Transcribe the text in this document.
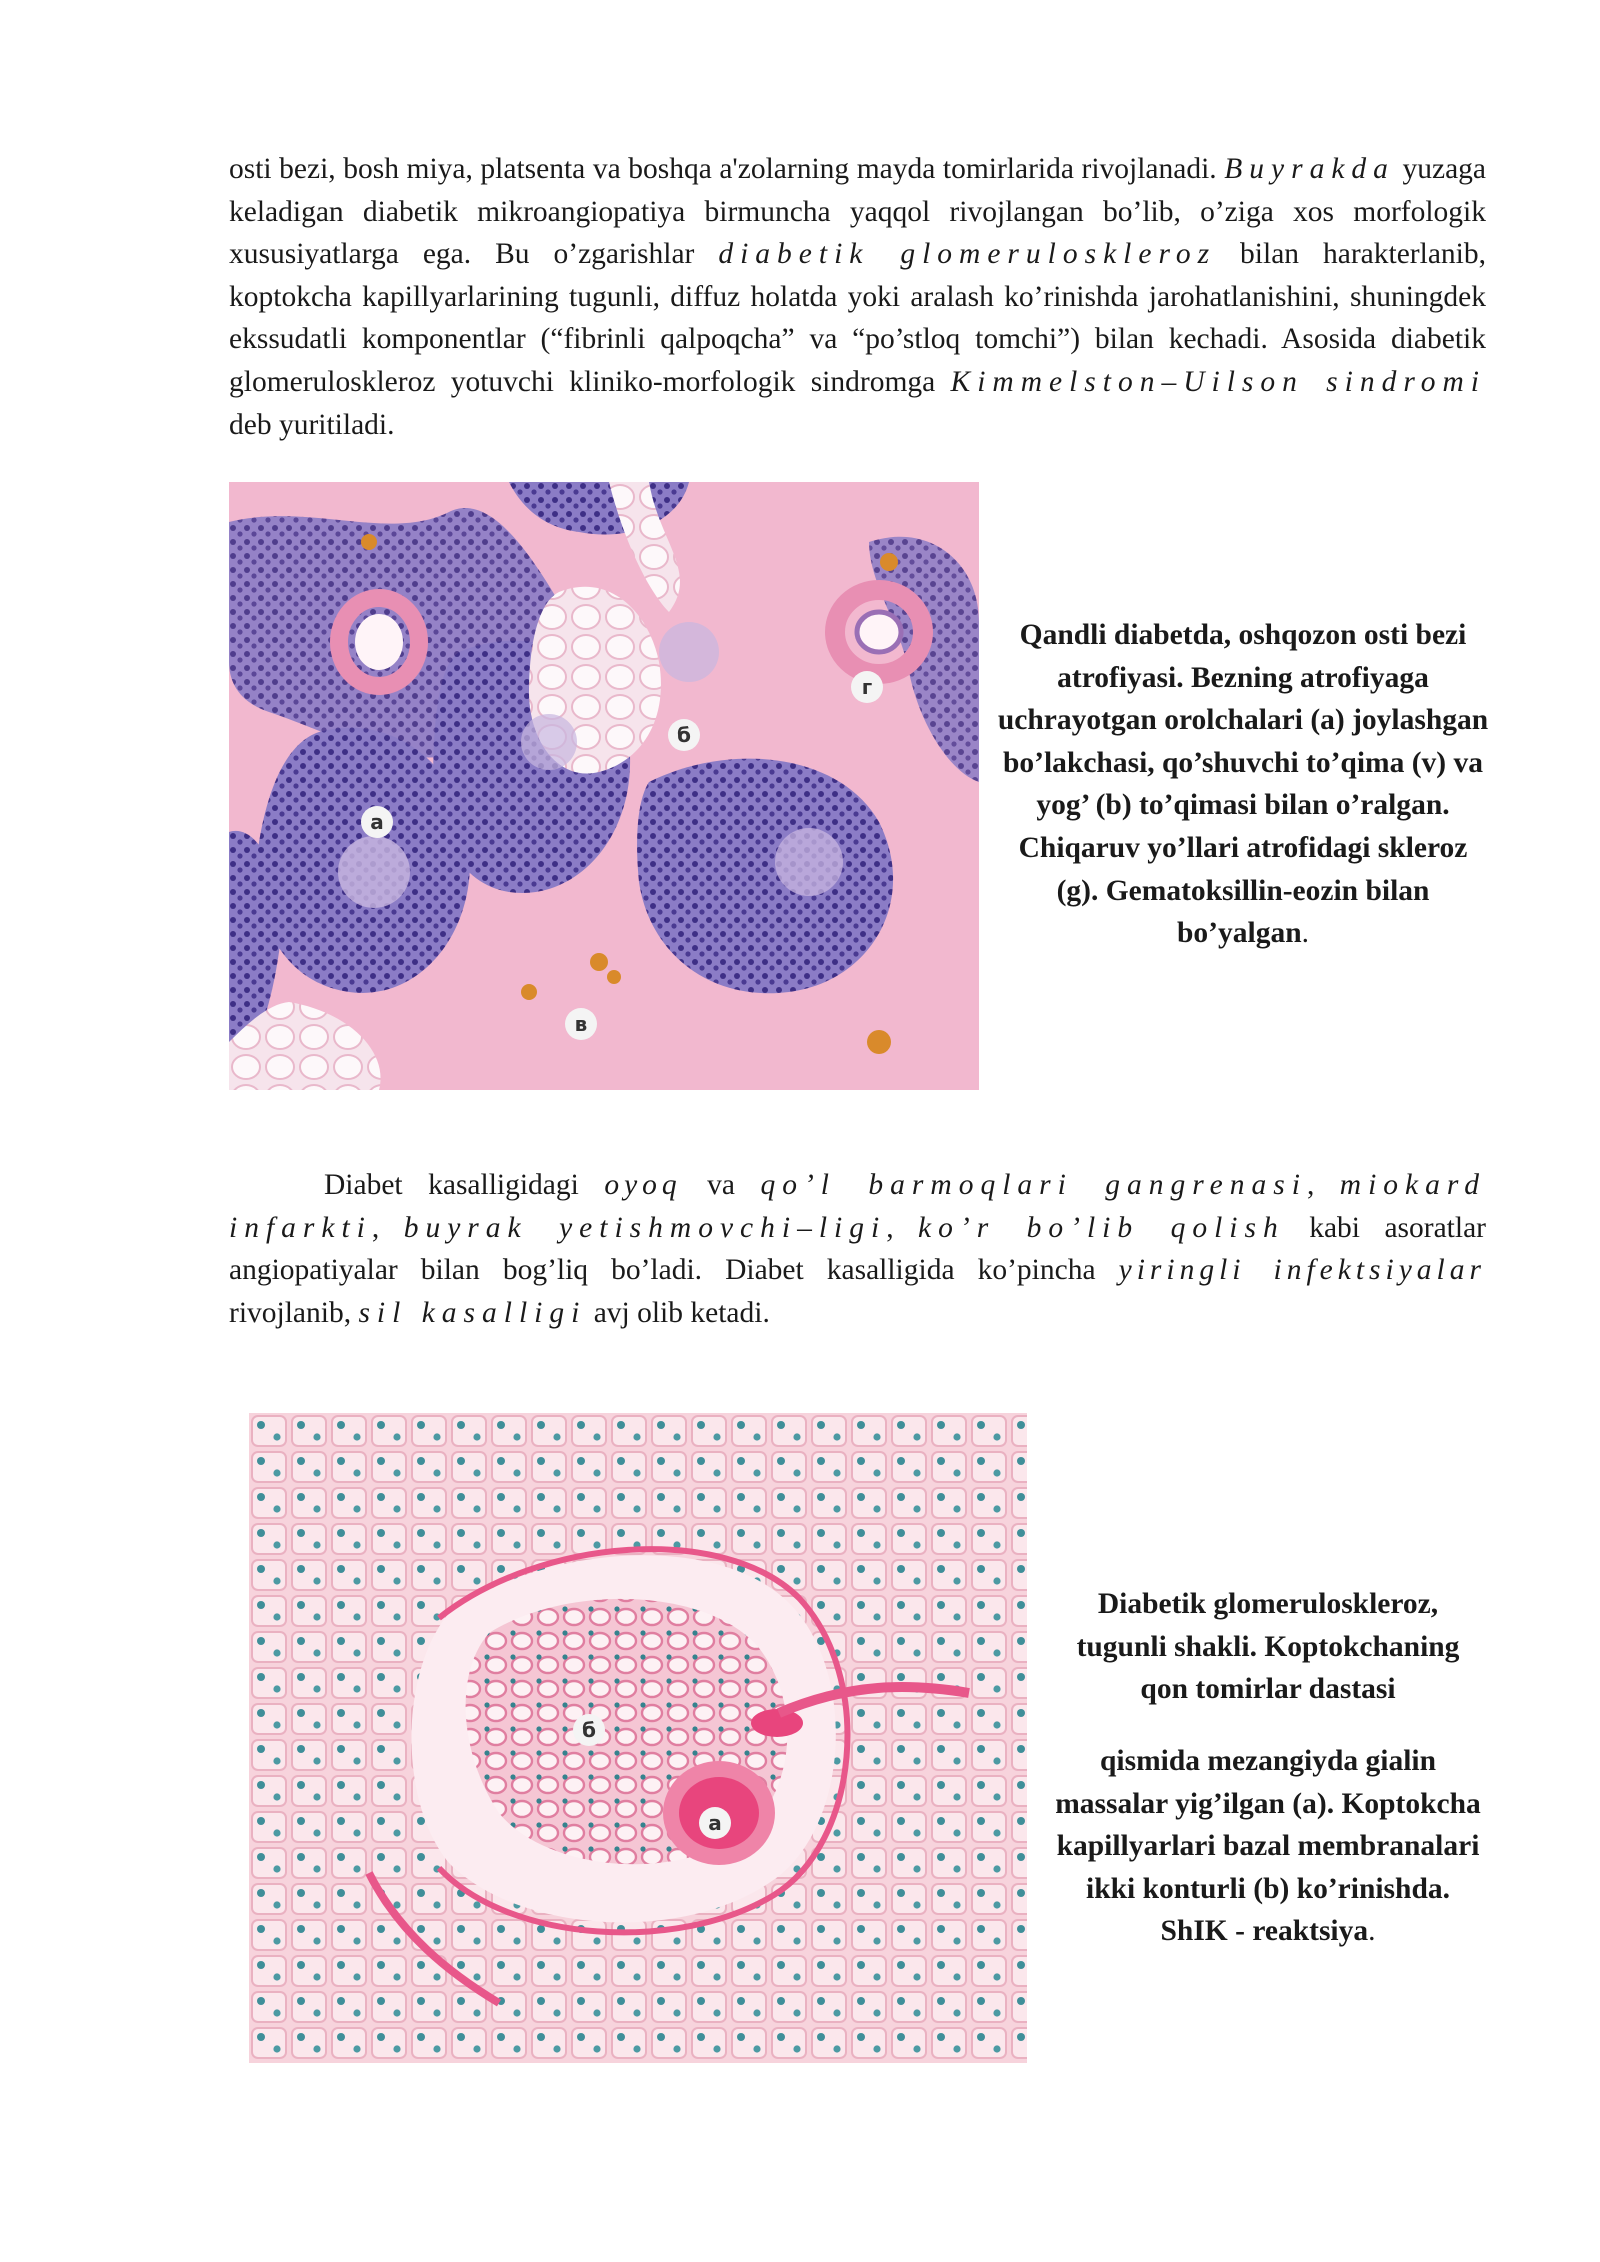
osti bezi, bosh miya, platsenta va boshqa a'zolarning mayda tomirlarida rivojlanadi. Buyrakda yuzaga keladigan diabetik mikroangiopatiya birmuncha yaqqol rivojlangan bo’lib, o’ziga xos morfologik xususiyatlarga ega. Bu o’zgarishlar diabetik glomeruloskleroz bilan harakterlanib, koptokcha kapillyarlarining tugunli, diffuz holatda yoki aralash ko’rinishda jarohatlanishini, shuningdek ekssudatli komponentlar (“fibrinli qalpoqcha” va “po’stloq tomchi”) bilan kechadi. Asosida diabetik glomeruloskleroz yotuvchi kliniko-morfologik sindromga Kimmelston–Uilson sindromi deb yuritiladi.

а
б
в
г

Qandli diabetda, oshqozon osti bezi atrofiyasi. Bezning atrofiyaga uchrayotgan orolchalari (a) joylashgan bo’lakchasi, qo’shuvchi to’qima (v) va yog’ (b) to’qimasi bilan o’ralgan. Chiqaruv yo’llari atrofidagi skleroz (g). Gematoksillin-eozin bilan bo’yalgan.

Diabet kasalligidagi oyoq va qo’l barmoqlari gangrenasi, miokard infarkti, buyrak yetishmovchi–ligi, ko’r bo’lib qolish kabi asoratlar angiopatiyalar bilan bog’liq bo’ladi. Diabet kasalligida ko’pincha yiringli infektsiyalar rivojlanib, sil kasalligi avj olib ketadi.

б
а

Diabetik glomeruloskleroz, tugunli shakli. Koptokchaning qon tomirlar dastasi

qismida mezangiyda gialin massalar yig’ilgan (a). Koptokcha kapillyarlari bazal membranalari ikki konturli (b) ko’rinishda. ShIK - reaktsiya.
